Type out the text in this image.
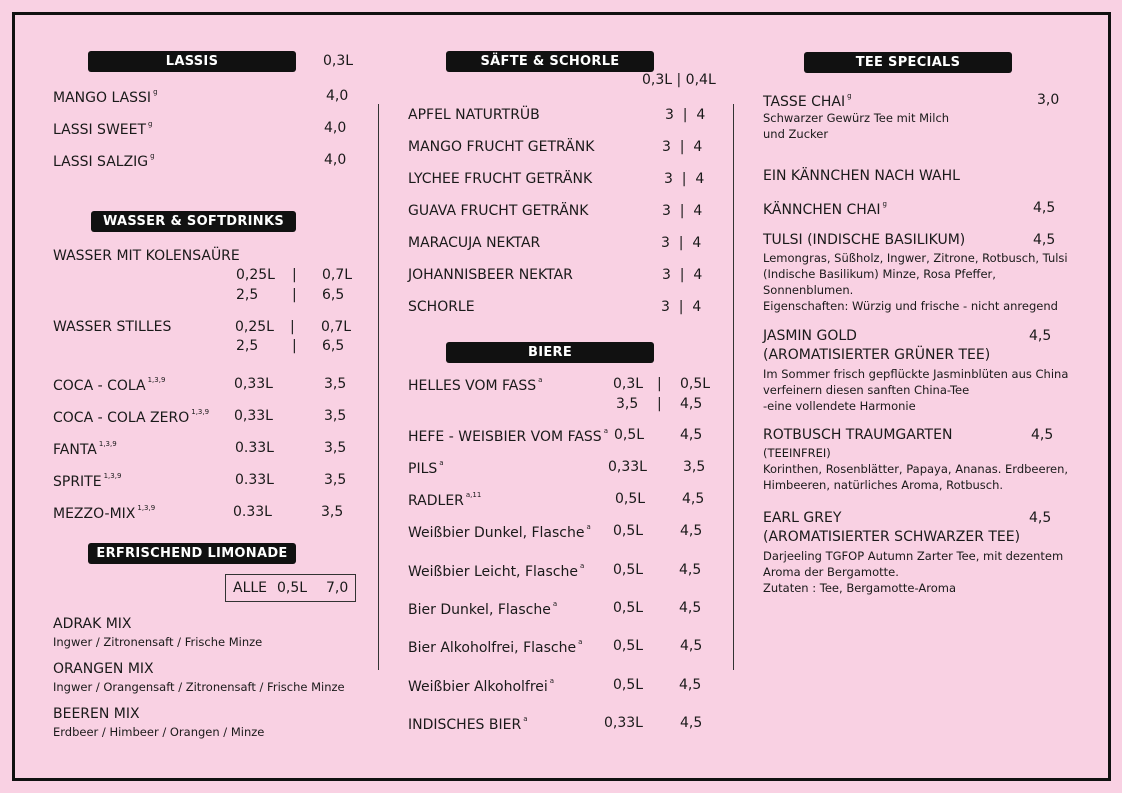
LASSIS	0,3L
MANGO LASSI $^g$	4,0
LASSI SWEET $^g$	4,0
LASSI SALZIG $^g$	4,0
WASSER & SOFTDRINKS
WASSER MIT KOLENSAÜRE
0,25L | 0,7L
2,5 | 6,5
WASSER STILLES	0,25L | 0,7L
2,5 | 6,5
COCA - COLA $^{1,3,9}$	0,33L	3,5
COCA - COLA ZERO $^{1,3,9}$ 0,33L	3,5
FANTA $^{1,3,9}$	0.33L	3,5
SPRITE $^{1,3,9}$	0.33L	3,5
MEZZO-MIX $^{1,3,9}$	0.33L	3,5
ERFRISCHEND LIMONADE
ALLE 0,5L 7,0
ADRAK MIX
Ingwer / Zitronensaft / Frische Minze
ORANGEN MIX
Ingwer / Orangensaft / Zitronensaft / Frische Minze
BEEREN MIX
Erdbeer / Himbeer / Orangen / Minze
SÄFTE & SCHORLE
0,3L | 0,4L
APFEL NATURTRÜB	3  |  4
MANGO FRUCHT GETRÄNK	3  |  4
LYCHEE FRUCHT GETRÄNK	3  |  4
GUAVA FRUCHT GETRÄNK	3  |  4
MARACUJA NEKTAR	3  |  4
JOHANNISBEER NEKTAR	3  |  4
SCHORLE	3  |  4
BIERE
HELLES VOM FASS $^a$	0,3L | 0,5L
3,5 | 4,5
HEFE - WEISBIER VOM FASS $^a$ 0,5L	4,5
PILS $^a$	0,33L	3,5
RADLER $^{a,11}$	0,5L	4,5
Weißbier Dunkel, Flasche $^a$ 0,5L	4,5
Weißbier Leicht, Flasche $^a$ 0,5L	4,5
Bier Dunkel, Flasche $^a$	0,5L	4,5
Bier Alkoholfrei, Flasche $^a$ 0,5L	4,5
Weißbier Alkoholfrei $^a$	0,5L	4,5
INDISCHES BIER $^a$	0,33L	4,5
TEE SPECIALS
TASSE CHAI $^g$	3,0
Schwarzer Gewürz Tee mit Milch
und Zucker
EIN KÄNNCHEN NACH WAHL
KÄNNCHEN CHAI $^g$	4,5
TULSI (INDISCHE BASILIKUM)	4,5
Lemongras, Süßholz, Ingwer, Zitrone, Rotbusch, Tulsi
(Indische Basilikum) Minze, Rosa Pfeffer,
Sonnenblumen.
Eigenschaften: Würzig und frische - nicht anregend
JASMIN GOLD	4,5
(AROMATISIERTER GRÜNER TEE)
Im Sommer frisch gepflückte Jasminblüten aus China
verfeinern diesen sanften China-Tee
-eine vollendete Harmonie
ROTBUSCH TRAUMGARTEN	4,5
(TEEINFREI)
Korinthen, Rosenblätter, Papaya, Ananas. Erdbeeren,
Himbeeren, natürliches Aroma, Rotbusch.
EARL GREY	4,5
(AROMATISIERTER SCHWARZER TEE)
Darjeeling TGFOP Autumn Zarter Tee, mit dezentem
Aroma der Bergamotte.
Zutaten : Tee, Bergamotte-Aroma
